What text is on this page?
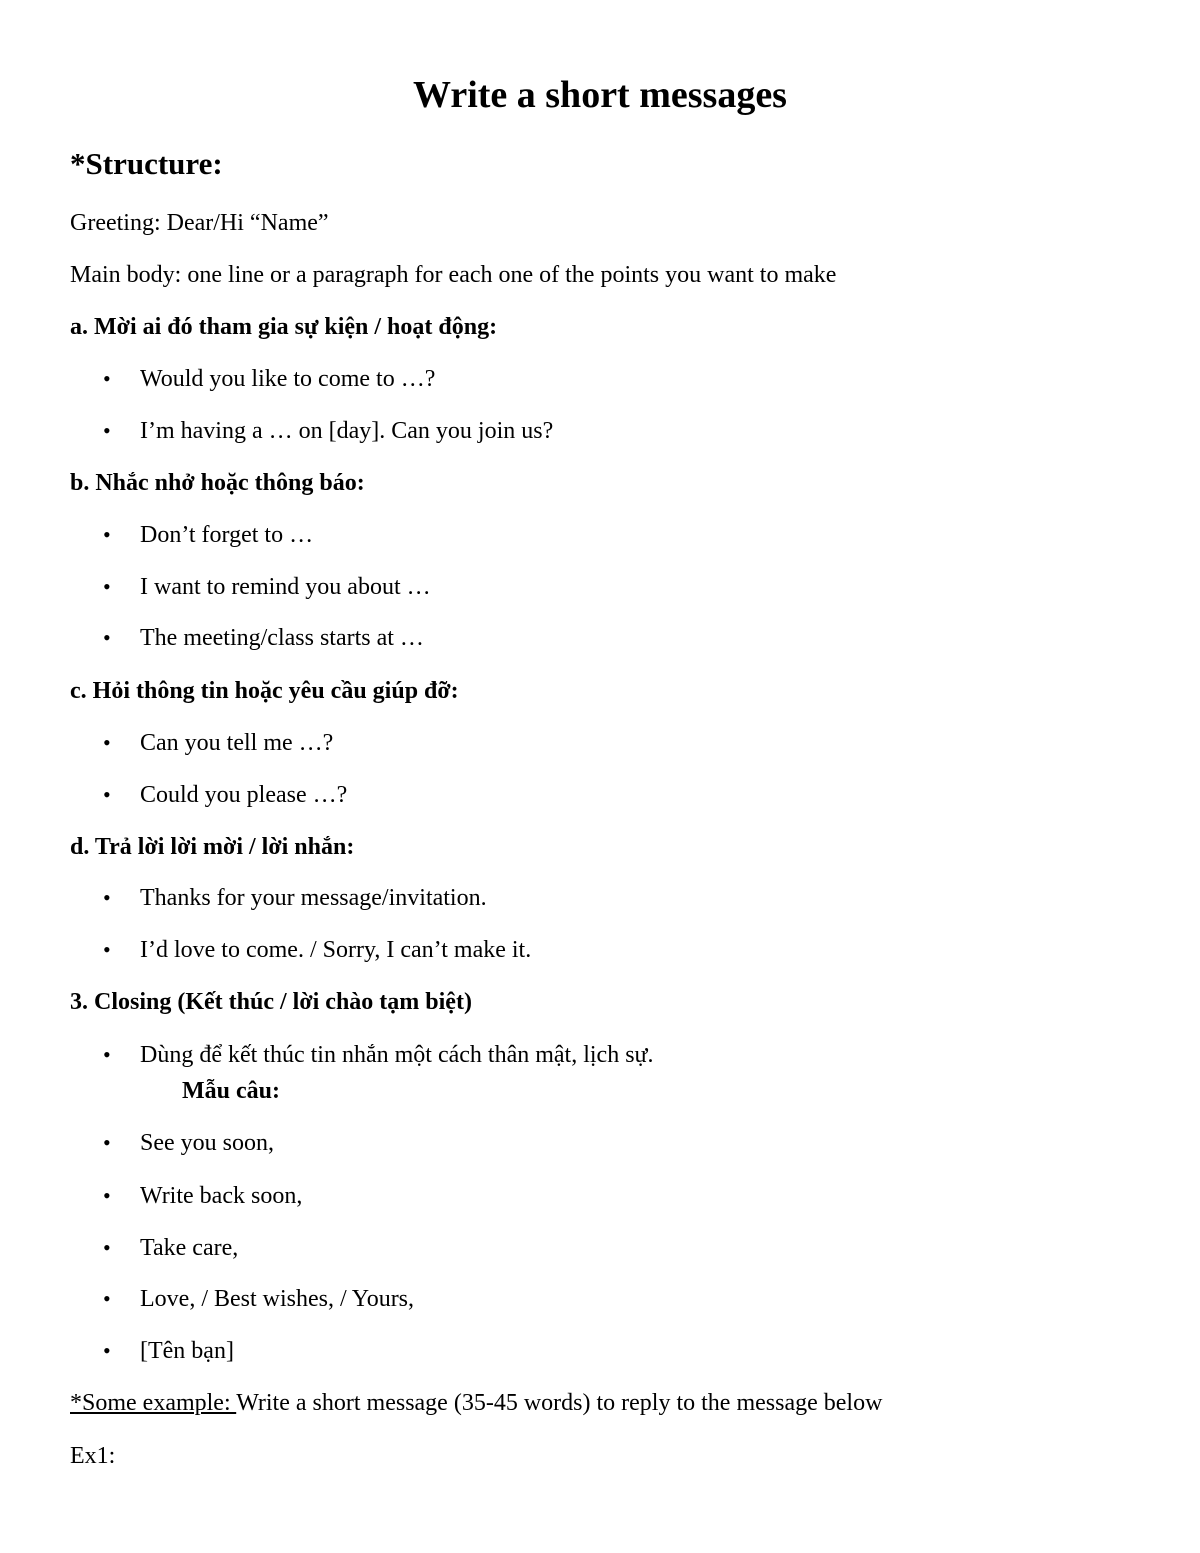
Write a short messages
*Structure:

Greeting: Dear/Hi “Name”

Main body: one line or a paragraph for each one of the points you want to make

a. Mời ai đó tham gia sự kiện / hoạt động:

• Would you like to come to …?
• I’m having a … on [day]. Can you join us?

b. Nhắc nhở hoặc thông báo:

• Don’t forget to …
• I want to remind you about …
• The meeting/class starts at …

c. Hỏi thông tin hoặc yêu cầu giúp đỡ:

• Can you tell me …?
• Could you please …?

d. Trả lời lời mời / lời nhắn:

• Thanks for your message/invitation.
• I’d love to come. / Sorry, I can’t make it.

3. Closing (Kết thúc / lời chào tạm biệt)

• Dùng để kết thúc tin nhắn một cách thân mật, lịch sự.
Mẫu câu:
• See you soon,
• Write back soon,
• Take care,
• Love, / Best wishes, / Yours,
• [Tên bạn]

*Some example: Write a short message (35-45 words) to reply to the message below

Ex1:
